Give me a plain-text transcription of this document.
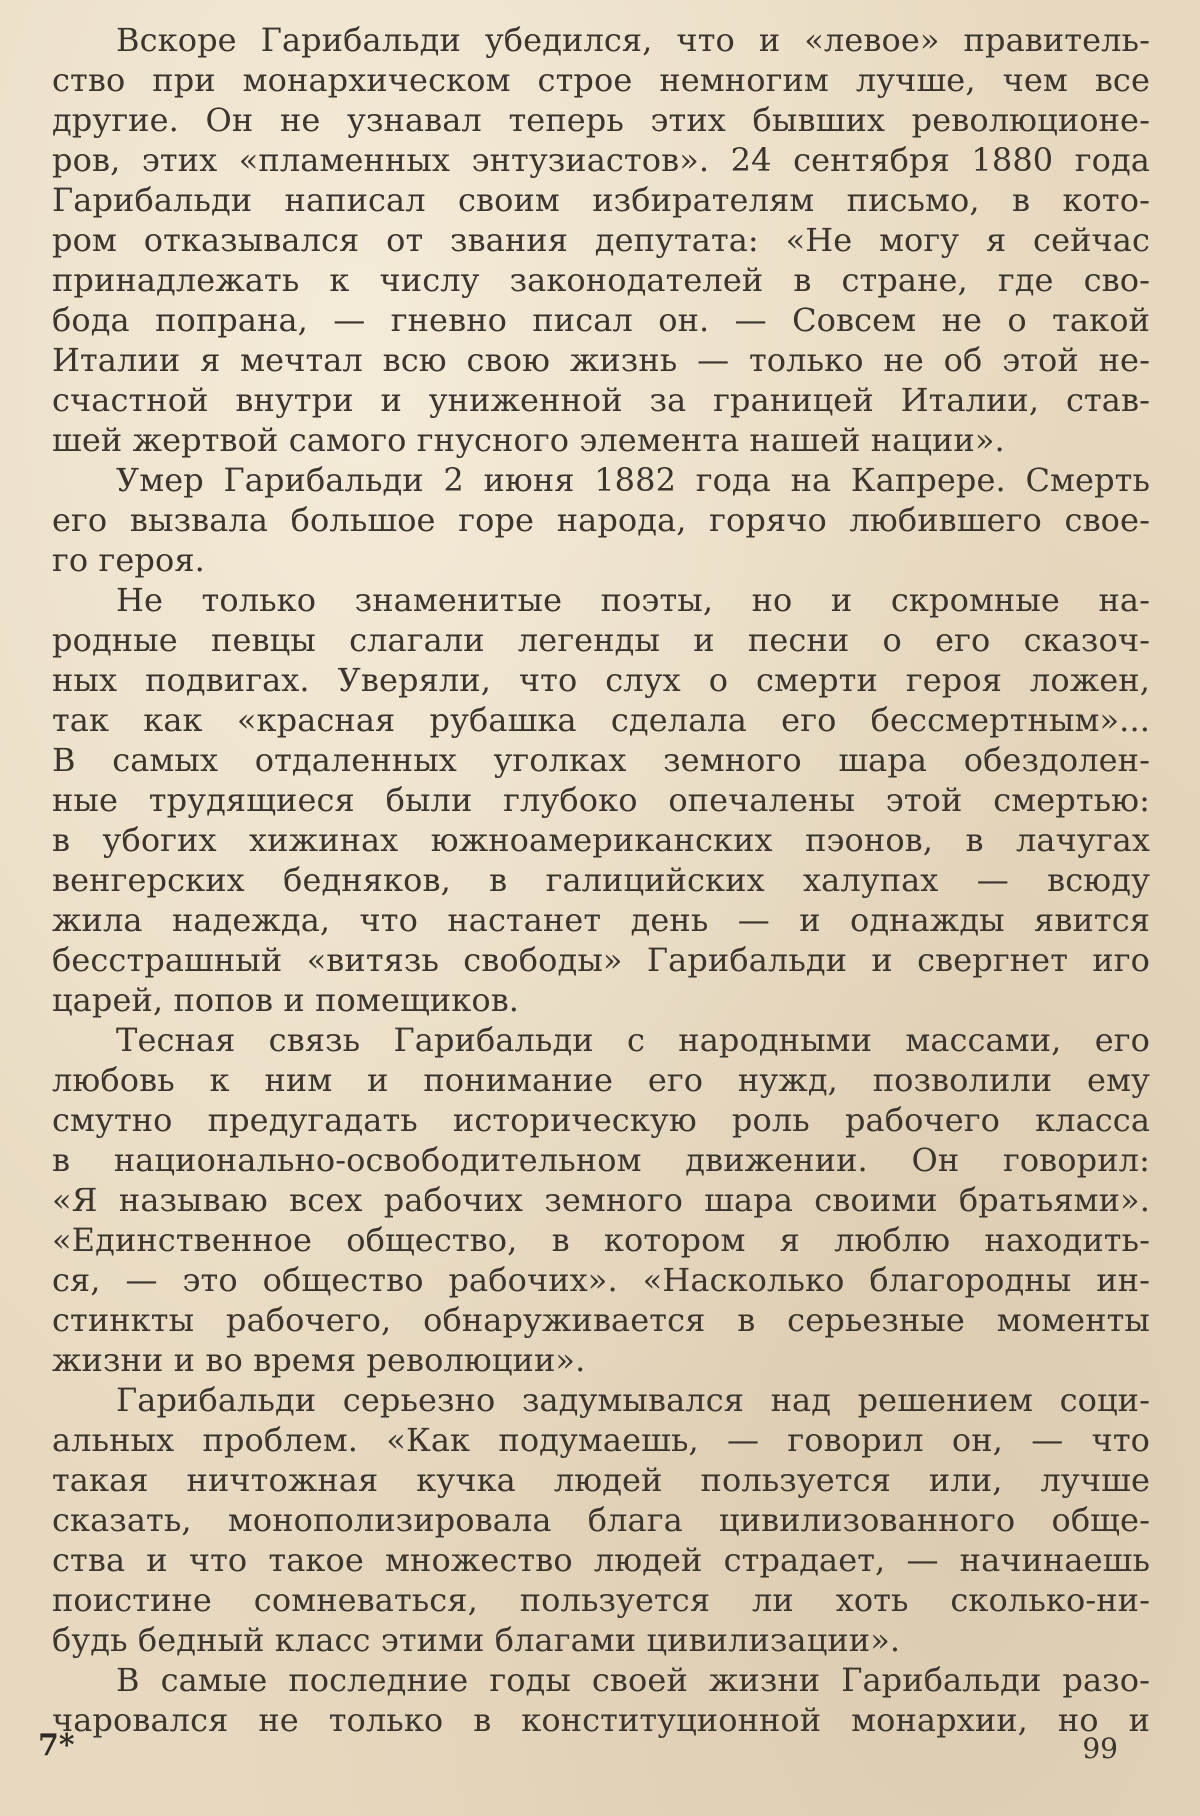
Вскоре Гарибальди убедился, что и «левое» правитель-
ство при монархическом строе немногим лучше, чем все
другие. Он не узнавал теперь этих бывших революционе-
ров, этих «пламенных энтузиастов». 24 сентября 1880 года
Гарибальди написал своим избирателям письмо, в кото-
ром отказывался от звания депутата: «Не могу я сейчас
принадлежать к числу законодателей в стране, где сво-
бода попрана, — гневно писал он. — Совсем не о такой
Италии я мечтал всю свою жизнь — только не об этой не-
счастной внутри и униженной за границей Италии, став-
шей жертвой самого гнусного элемента нашей нации».

Умер Гарибальди 2 июня 1882 года на Капрере. Смерть
его вызвала большое горе народа, горячо любившего свое-
го героя.

Не только знаменитые поэты, но и скромные на-
родные певцы слагали легенды и песни о его сказоч-
ных подвигах. Уверяли, что слух о смерти героя ложен,
так как «красная рубашка сделала его бессмертным»...
В самых отдаленных уголках земного шара обездолен-
ные трудящиеся были глубоко опечалены этой смертью:
в убогих хижинах южноамериканских пэонов, в лачугах
венгерских бедняков, в галицийских халупах — всюду
жила надежда, что настанет день — и однажды явится
бесстрашный «витязь свободы» Гарибальди и свергнет иго
царей, попов и помещиков.

Тесная связь Гарибальди с народными массами, его
любовь к ним и понимание его нужд, позволили ему
смутно предугадать историческую роль рабочего класса
в национально-освободительном движении. Он говорил:
«Я называю всех рабочих земного шара своими братьями».
«Единственное общество, в котором я люблю находить-
ся, — это общество рабочих». «Насколько благородны ин-
стинкты рабочего, обнаруживается в серьезные моменты
жизни и во время революции».

Гарибальди серьезно задумывался над решением соци-
альных проблем. «Как подумаешь, — говорил он, — что
такая ничтожная кучка людей пользуется или, лучше
сказать, монополизировала блага цивилизованного обще-
ства и что такое множество людей страдает, — начинаешь
поистине сомневаться, пользуется ли хоть сколько-ни-
будь бедный класс этими благами цивилизации».

В самые последние годы своей жизни Гарибальди разо-
чаровался не только в конституционной монархии, но и

7*	99
